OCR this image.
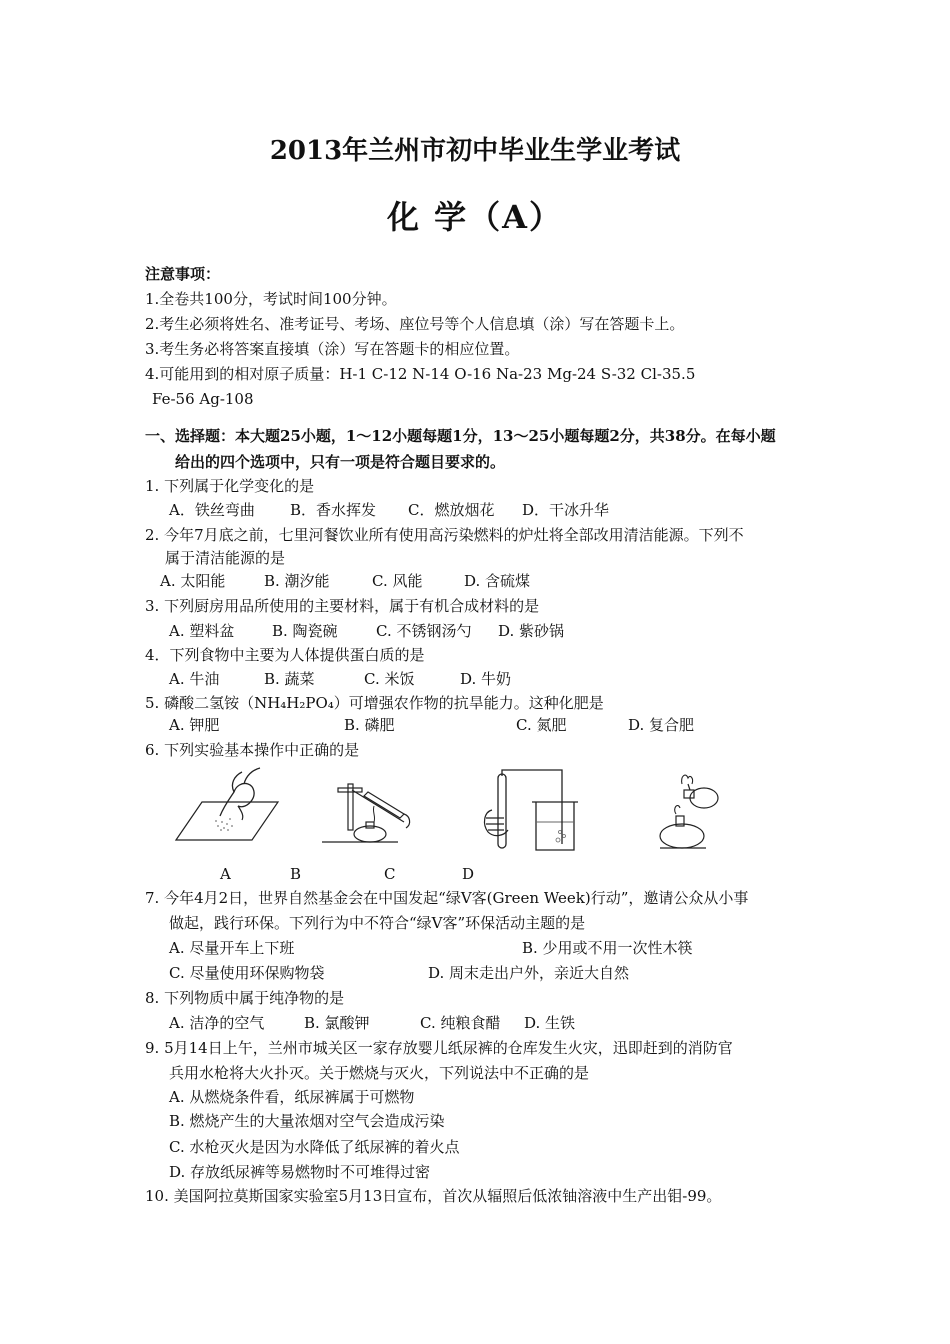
2013年兰州市初中毕业生学业考试
化 学（A）
注意事项：
1.全卷共100分，考试时间100分钟。
2.考生必须将姓名、准考证号、考场、座位号等个人信息填（涂）写在答题卡上。
3.考生务必将答案直接填（涂）写在答题卡的相应位置。
4.可能用到的相对原子质量：H-1 C-12 N-14 O-16 Na-23 Mg-24 S-32 Cl-35.5
Fe-56 Ag-108
一、选择题：本大题25小题，1～12小题每题1分，13～25小题每题2分，共38分。在每小题
给出的四个选项中，只有一项是符合题目要求的。
1. 下列属于化学变化的是
A．铁丝弯曲 B．香水挥发 C．燃放烟花 D．干冰升华
2. 今年7月底之前，七里河餐饮业所有使用高污染燃料的炉灶将全部改用清洁能源。下列不
属于清洁能源的是
A. 太阳能	B. 潮汐能	C. 风能	D. 含硫煤
3. 下列厨房用品所使用的主要材料，属于有机合成材料的是
A. 塑料盆	B. 陶瓷碗	C. 不锈钢汤勺 D. 紫砂锅
4．下列食物中主要为人体提供蛋白质的是
A. 牛油	B. 蔬菜	C. 米饭	D. 牛奶
5. 磷酸二氢铵（NH₄H₂PO₄）可增强农作物的抗旱能力。这种化肥是
A. 钾肥	B. 磷肥	C. 氮肥	D. 复合肥
6. 下列实验基本操作中正确的是
A	B	C	D
7. 今年4月2日，世界自然基金会在中国发起“绿Ⅴ客(Green Week)行动”，邀请公众从小事
做起，践行环保。下列行为中不符合“绿Ⅴ客”环保活动主题的是
A. 尽量开车上下班	B. 少用或不用一次性木筷
C. 尽量使用环保购物袋	D. 周末走出户外，亲近大自然
8. 下列物质中属于纯净物的是
A. 洁净的空气	B. 氯酸钾	C. 纯粮食醋 D. 生铁
9. 5月14日上午，兰州市城关区一家存放婴儿纸尿裤的仓库发生火灾，迅即赶到的消防官
兵用水枪将大火扑灭。关于燃烧与灭火，下列说法中不正确的是
A. 从燃烧条件看，纸尿裤属于可燃物
B. 燃烧产生的大量浓烟对空气会造成污染
C. 水枪灭火是因为水降低了纸尿裤的着火点
D. 存放纸尿裤等易燃物时不可堆得过密
10. 美国阿拉莫斯国家实验室5月13日宣布，首次从辐照后低浓铀溶液中生产出钼-99。
